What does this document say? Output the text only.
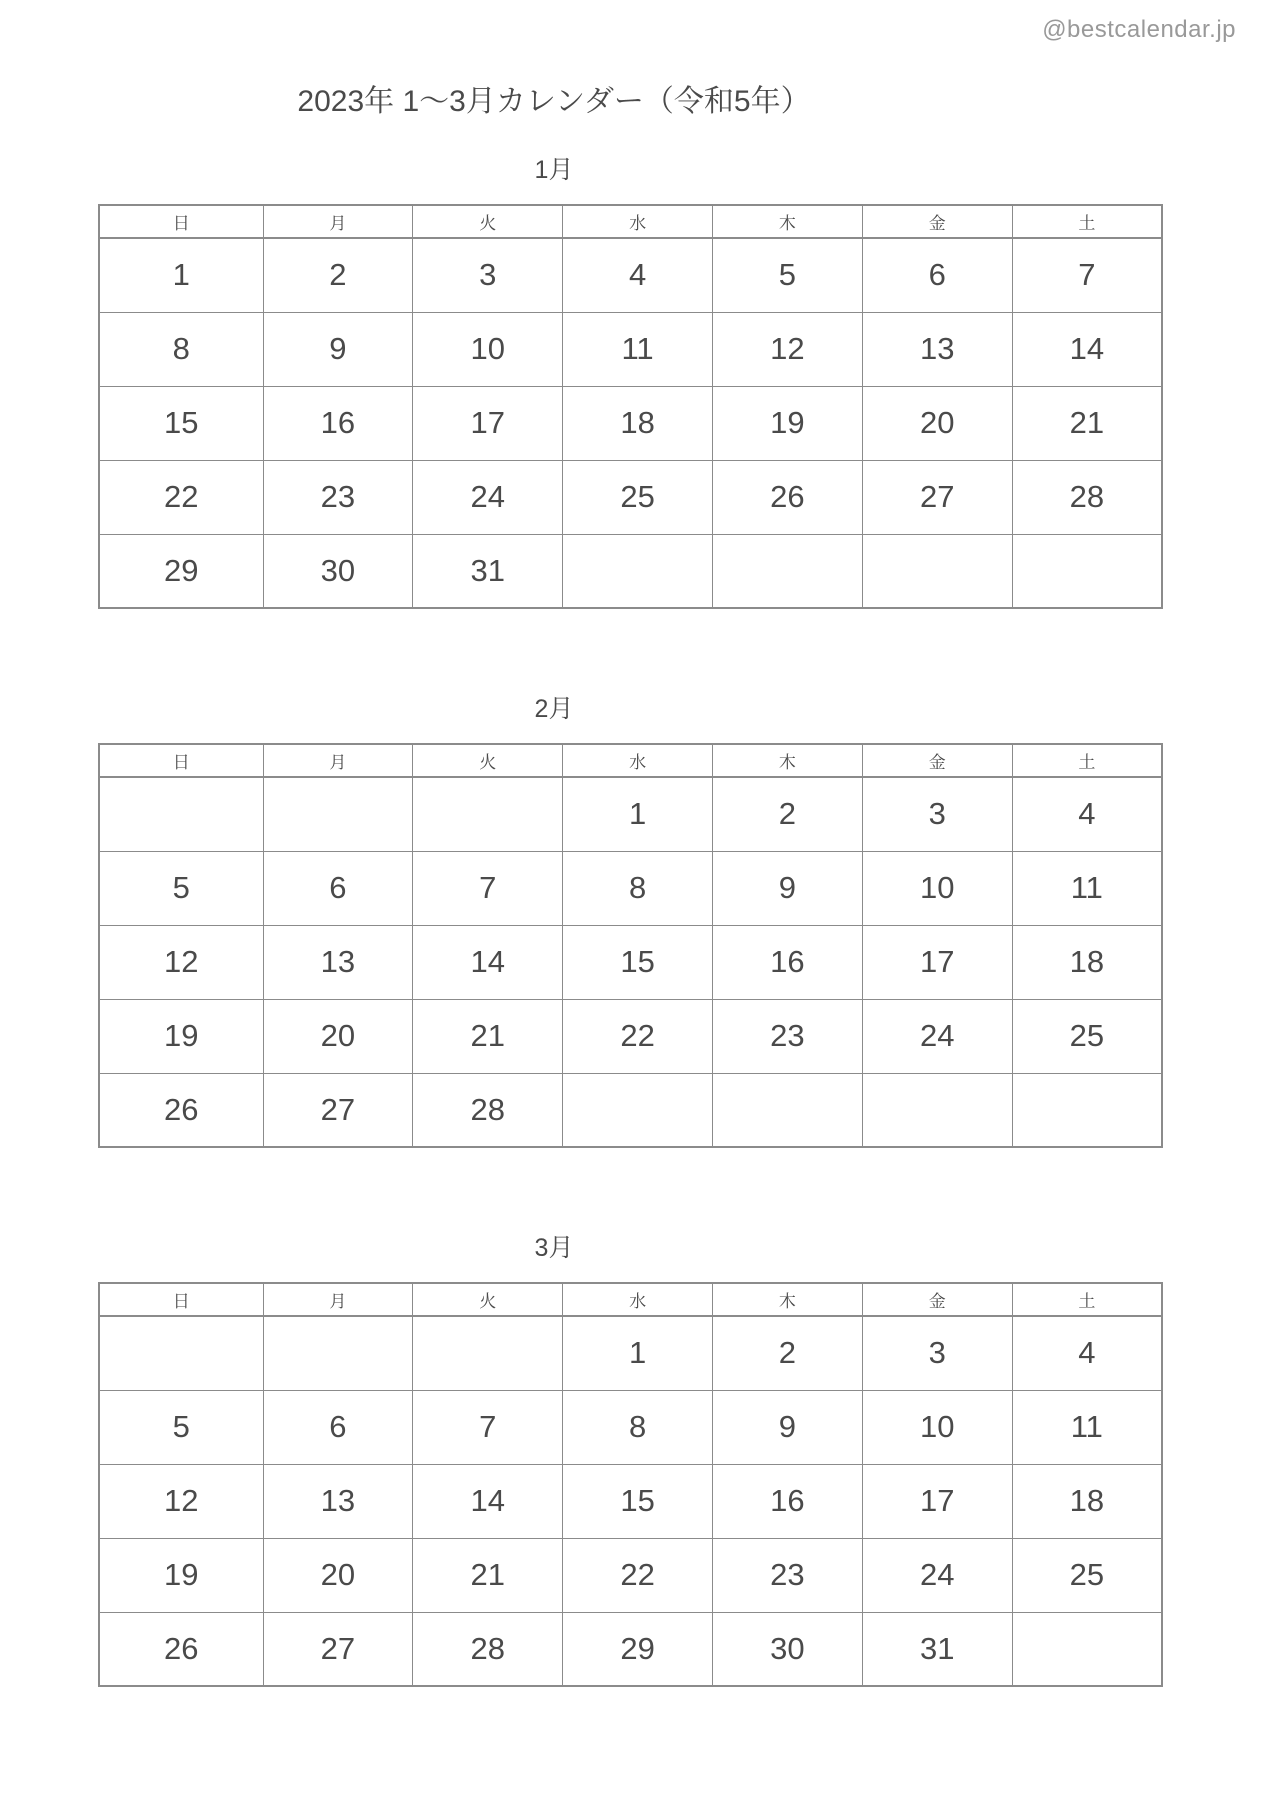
@bestcalendar.jp
2023年 1〜3月カレンダー（令和5年）
1月
日	月	火	水	木	金	土
1	2	3	4	5	6	7
8	9	10	11	12	13	14
15	16	17	18	19	20	21
22	23	24	25	26	27	28
29	30	31				
2月
日	月	火	水	木	金	土
			1	2	3	4
5	6	7	8	9	10	11
12	13	14	15	16	17	18
19	20	21	22	23	24	25
26	27	28				
3月
日	月	火	水	木	金	土
			1	2	3	4
5	6	7	8	9	10	11
12	13	14	15	16	17	18
19	20	21	22	23	24	25
26	27	28	29	30	31	
